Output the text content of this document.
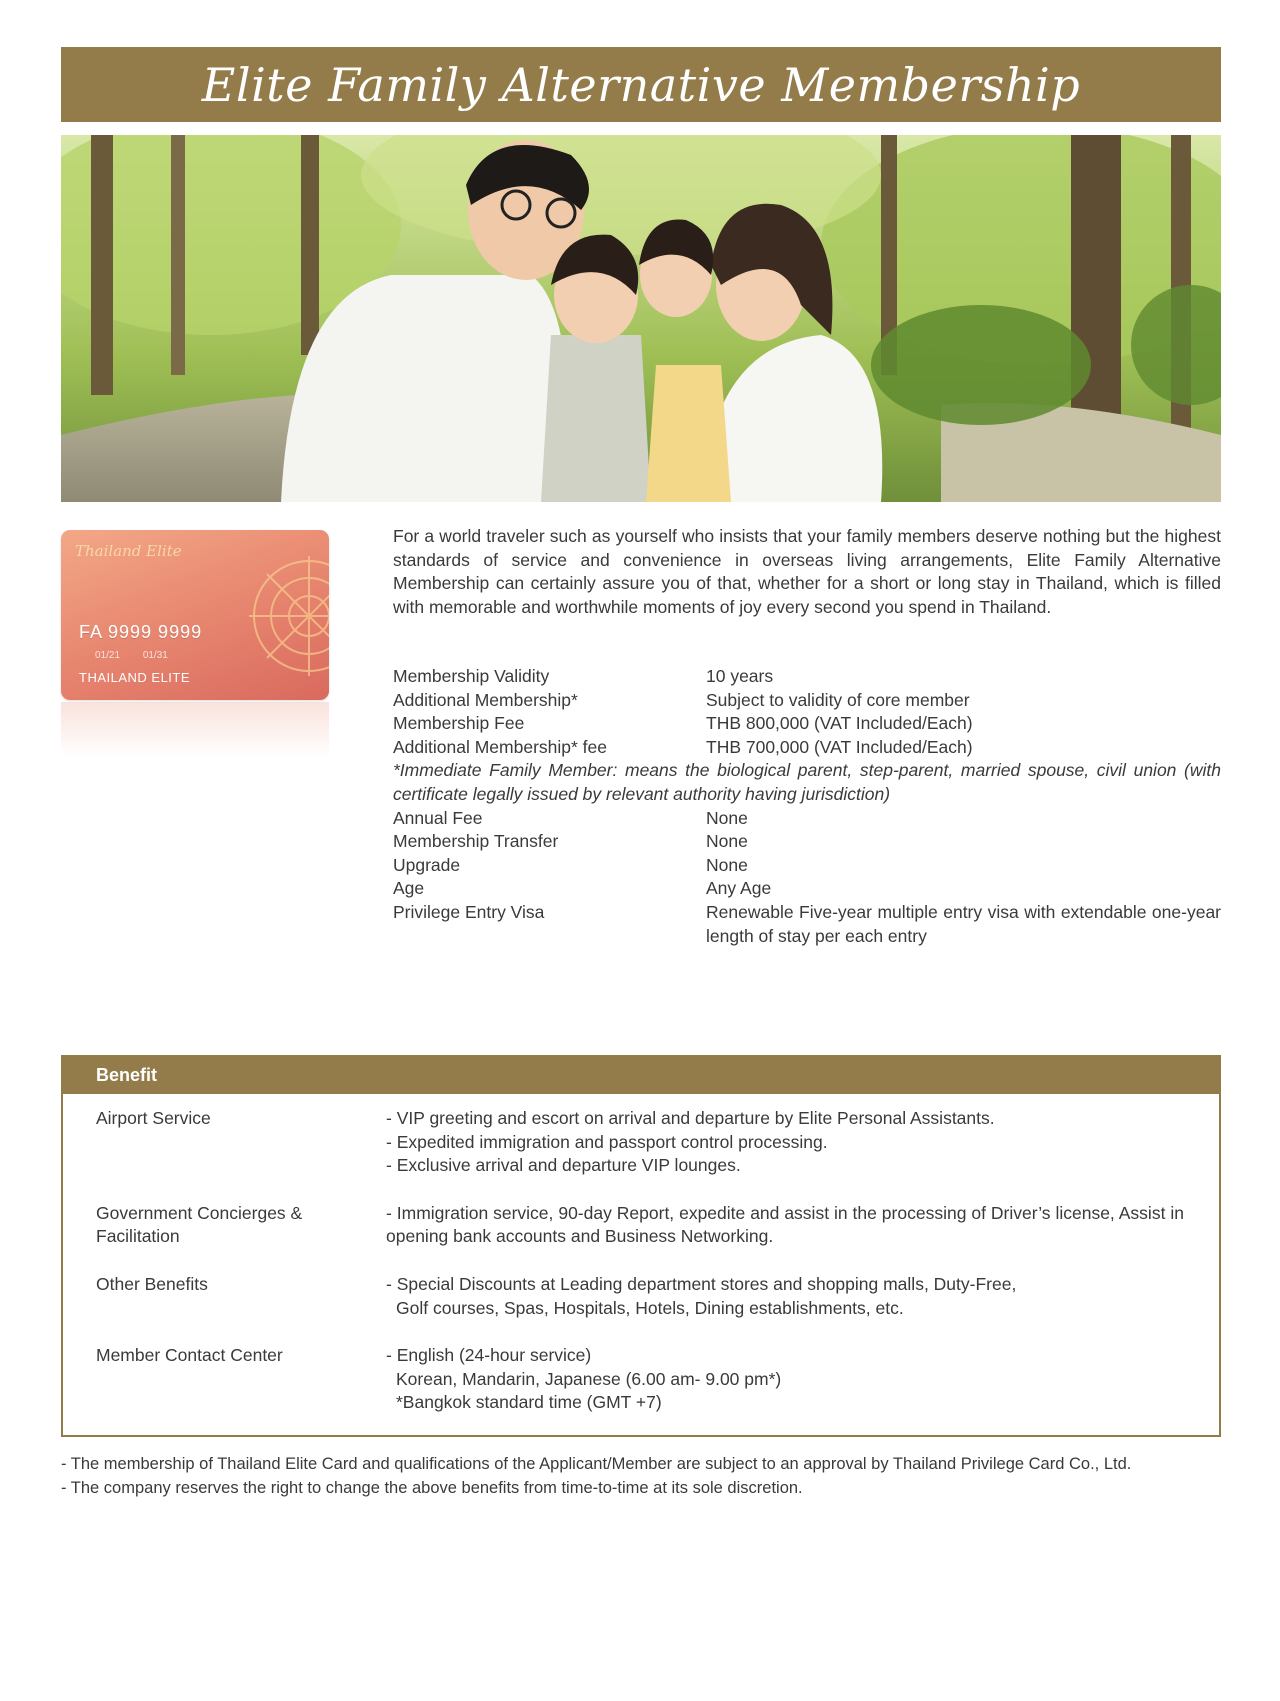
Elite Family Alternative Membership
Thailand Elite
FA 9999 9999
01/21 01/31
THAILAND ELITE

For a world traveler such as yourself who insists that your family members deserve nothing but the highest standards of service and convenience in overseas living arrangements, Elite Family Alternative Membership can certainly assure you of that, whether for a short or long stay in Thailand, which is filled with memorable and worthwhile moments of joy every second you spend in Thailand.

Membership Validity	10 years
Additional Membership*	Subject to validity of core member
Membership Fee	THB 800,000 (VAT Included/Each)
Additional Membership* fee	THB 700,000 (VAT Included/Each)
*Immediate Family Member: means the biological parent, step-parent, married spouse, civil union (with certificate legally issued by relevant authority having jurisdiction)
Annual Fee	None
Membership Transfer	None
Upgrade	None
Age	Any Age
Privilege Entry Visa	Renewable Five-year multiple entry visa with extendable one-year length of stay per each entry
Benefit
Airport Service	- VIP greeting and escort on arrival and departure by Elite Personal Assistants.
- Expedited immigration and passport control processing.
- Exclusive arrival and departure VIP lounges.
Government Concierges & Facilitation
- Immigration service, 90-day Report, expedite and assist in the processing of Driver’s license, Assist in opening bank accounts and Business Networking.
Other Benefits	- Special Discounts at Leading department stores and shopping malls, Duty-Free,
Golf courses, Spas, Hospitals, Hotels, Dining establishments, etc.
Member Contact Center	- English (24-hour service)
Korean, Mandarin, Japanese (6.00 am- 9.00 pm*)
*Bangkok standard time (GMT +7)
- The membership of Thailand Elite Card and qualifications of the Applicant/Member are subject to an approval by Thailand Privilege Card Co., Ltd.
- The company reserves the right to change the above benefits from time-to-time at its sole discretion.
